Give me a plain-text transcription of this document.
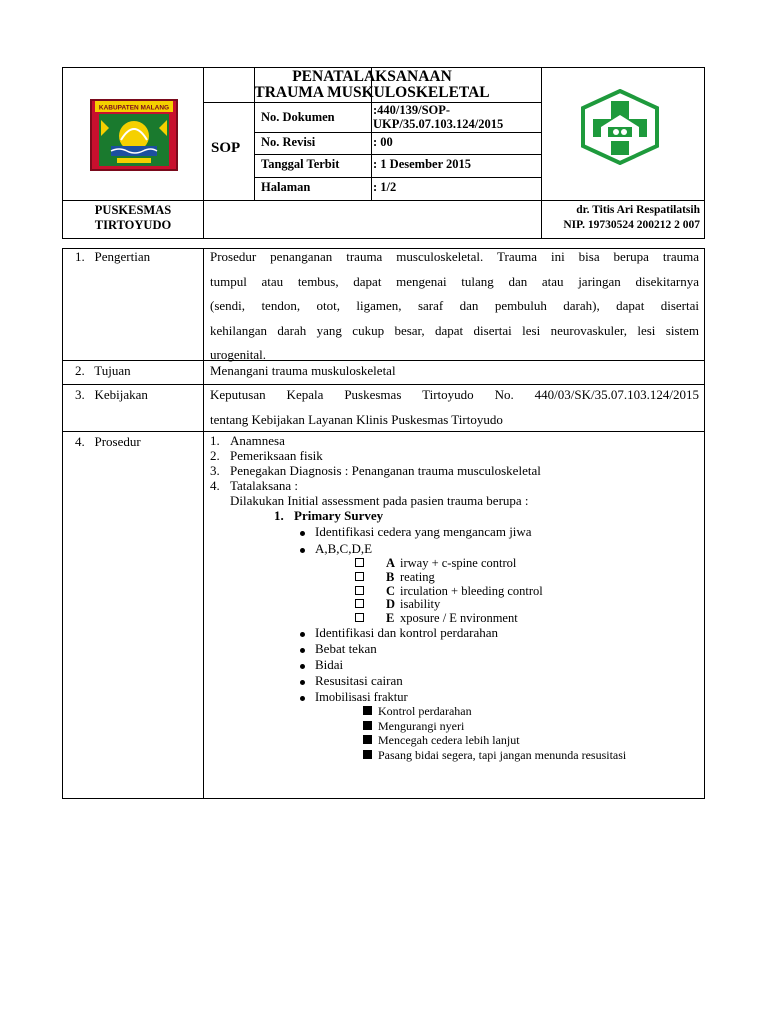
KABUPATEN MALANG
PENATALAKSANAAN
TRAUMA MUSKULOSKELETAL
SOP
No. Dokumen	:440/139/SOP-
UKP/35.07.103.124/2015
No. Revisi	: 00
Tanggal Terbit	: 1 Desember 2015
Halaman	: 1/2
PUSKESMAS
TIRTOYUDO
dr. Titis Ari Respatilatsih
NIP. 19730524 200212 2 007
1.   Pengertian	Prosedur penanganan trauma musculoskeletal. Trauma ini bisa berupa trauma
tumpul atau tembus, dapat mengenai tulang dan atau jaringan disekitarnya
(sendi, tendon, otot, ligamen, saraf dan pembuluh darah), dapat disertai
kehilangan darah yang cukup besar, dapat disertai lesi neurovaskuler, lesi sistem
urogenital.
2.   Tujuan	Menangani trauma muskuloskeletal
3.   Kebijakan	Keputusan Kepala Puskesmas Tirtoyudo No. 440/03/SK/35.07.103.124/2015
tentang Kebijakan Layanan Klinis Puskesmas Tirtoyudo
4.   Prosedur	1. Anamnesa
2. Pemeriksaan fisik
3. Penegakan Diagnosis : Penanganan trauma musculoskeletal
4. Tatalaksana :
Dilakukan Initial assessment pada pasien trauma berupa :
1. Primary Survey
Identifikasi cedera yang mengancam jiwa
A,B,C,D,E
A irway + c-spine control
B reating
C irculation + bleeding control
D isability
E xposure / E nvironment
Identifikasi dan kontrol perdarahan
Bebat tekan
Bidai
Resusitasi cairan
Imobilisasi fraktur
Kontrol perdarahan
Mengurangi nyeri
Mencegah cedera lebih lanjut
Pasang bidai segera, tapi jangan menunda resusitasi
